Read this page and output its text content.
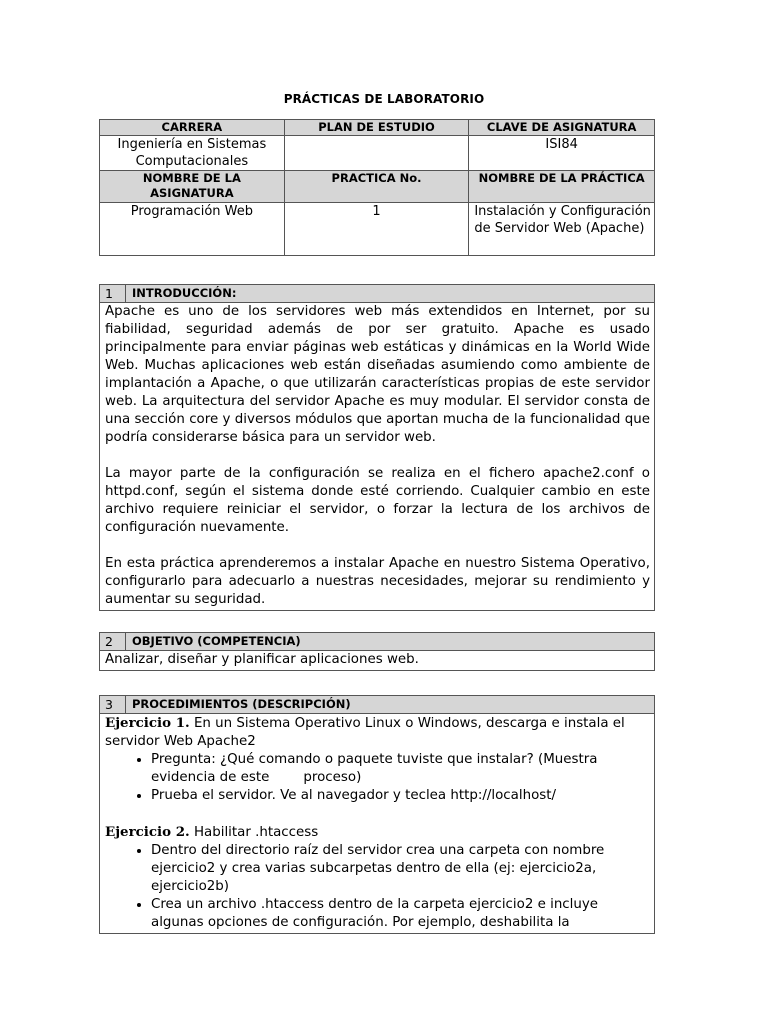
PRÁCTICAS DE LABORATORIO
CARRERA	PLAN DE ESTUDIO	CLAVE DE ASIGNATURA
Ingeniería en Sistemas Computacionales		ISI84
NOMBRE DE LA ASIGNATURA	PRACTICA No.	NOMBRE DE LA PRÁCTICA
Programación Web	1	Instalación y Configuración de Servidor Web (Apache)
1	INTRODUCCIÓN:

Apache es uno de los servidores web más extendidos en Internet, por su fiabilidad, seguridad además de por ser gratuito. Apache es usado principalmente para enviar páginas web estáticas y dinámicas en la World Wide Web. Muchas aplicaciones web están diseñadas asumiendo como ambiente de implantación a Apache, o que utilizarán características propias de este servidor web. La arquitectura del servidor Apache es muy modular. El servidor consta de una sección core y diversos módulos que aportan mucha de la funcionalidad que podría considerarse básica para un servidor web.

La mayor parte de la configuración se realiza en el fichero apache2.conf o httpd.conf, según el sistema donde esté corriendo. Cualquier cambio en este archivo requiere reiniciar el servidor, o forzar la lectura de los archivos de configuración nuevamente.

En esta práctica aprenderemos a instalar Apache en nuestro Sistema Operativo, configurarlo para adecuarlo a nuestras necesidades, mejorar su rendimiento y aumentar su seguridad.

2	OBJETIVO (COMPETENCIA)

Analizar, diseñar y planificar aplicaciones web.

3	PROCEDIMIENTOS (DESCRIPCIÓN)

Ejercicio 1. En un Sistema Operativo Linux o Windows, descarga e instala el servidor Web Apache2

• Pregunta: ¿Qué comando o paquete tuviste que instalar? (Muestra evidencia de este        proceso)
• Prueba el servidor. Ve al navegador y teclea http://localhost/

Ejercicio 2. Habilitar .htaccess

• Dentro del directorio raíz del servidor crea una carpeta con nombre ejercicio2 y crea varias subcarpetas dentro de ella (ej: ejercicio2a, ejercicio2b)
• Crea un archivo .htaccess dentro de la carpeta ejercicio2 e incluye algunas opciones de configuración. Por ejemplo, deshabilita la
